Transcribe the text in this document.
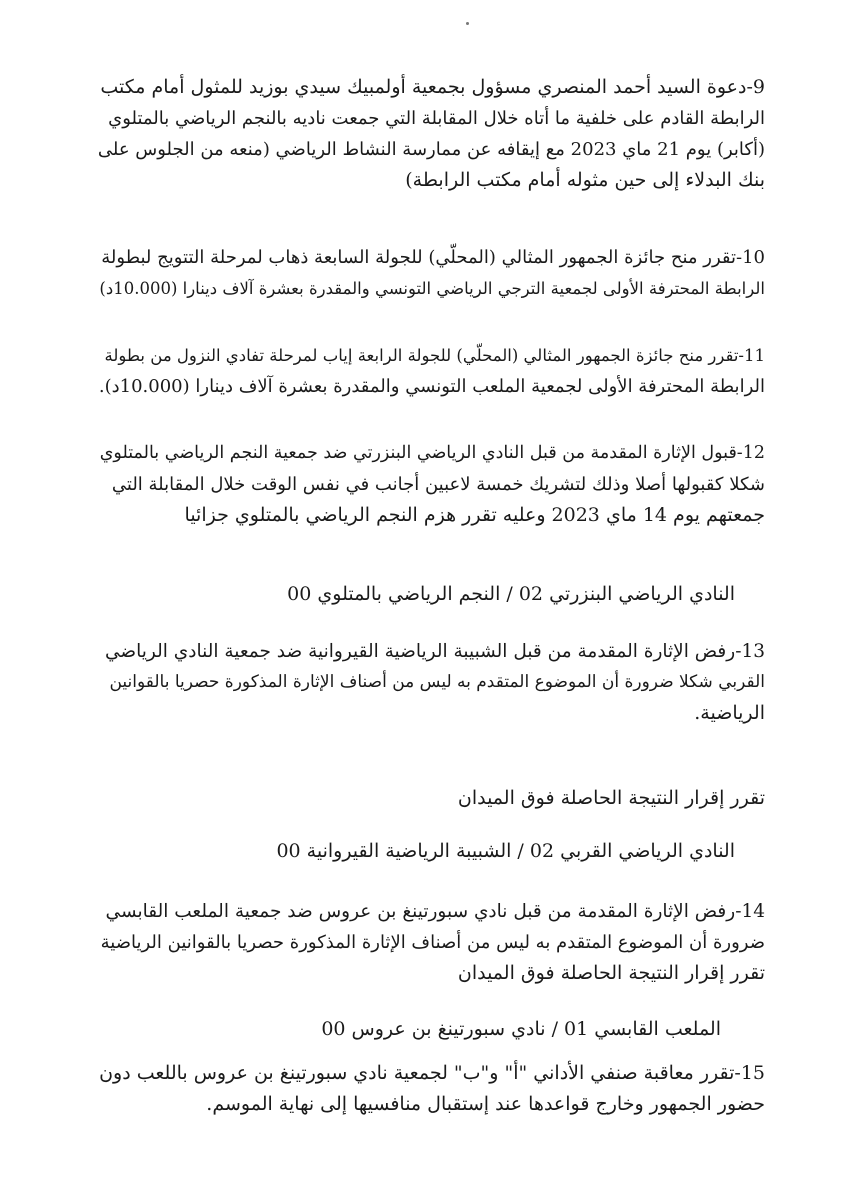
9-دعوة السيد أحمد المنصري مسؤول بجمعية أولمبيك سيدي بوزيد للمثول أمام مكتب
الرابطة القادم على خلفية ما أتاه خلال المقابلة التي جمعت ناديه بالنجم الرياضي بالمتلوي
(أكابر) يوم 21 ماي 2023 مع إيقافه عن ممارسة النشاط الرياضي (منعه من الجلوس على
بنك البدلاء إلى حين مثوله أمام مكتب الرابطة)

10-تقرر منح جائزة الجمهور المثالي (المحلّي) للجولة السابعة ذهاب لمرحلة التتويج لبطولة
الرابطة المحترفة الأولى لجمعية الترجي الرياضي التونسي والمقدرة بعشرة آلاف دينارا (10.000د)

11-تقرر منح جائزة الجمهور المثالي (المحلّي) للجولة الرابعة إياب لمرحلة تفادي النزول من بطولة
الرابطة المحترفة الأولى لجمعية الملعب التونسي والمقدرة بعشرة آلاف دينارا (10.000د).

12-قبول الإثارة المقدمة من قبل النادي الرياضي البنزرتي ضد جمعية النجم الرياضي بالمتلوي
شكلا كقبولها أصلا وذلك لتشريك خمسة لاعبين أجانب في نفس الوقت خلال المقابلة التي
جمعتهم يوم 14 ماي 2023 وعليه تقرر هزم النجم الرياضي بالمتلوي جزائيا

النادي الرياضي البنزرتي 02 / النجم الرياضي بالمتلوي 00

13-رفض الإثارة المقدمة من قبل الشبيبة الرياضية القيروانية ضد جمعية النادي الرياضي
القربي شكلا ضرورة أن الموضوع المتقدم به ليس من أصناف الإثارة المذكورة حصريا بالقوانين
الرياضية.

تقرر إقرار النتيجة الحاصلة فوق الميدان

النادي الرياضي القربي 02 / الشبيبة الرياضية القيروانية 00

14-رفض الإثارة المقدمة من قبل نادي سبورتينغ بن عروس ضد جمعية الملعب القابسي
ضرورة أن الموضوع المتقدم به ليس من أصناف الإثارة المذكورة حصريا بالقوانين الرياضية
تقرر إقرار النتيجة الحاصلة فوق الميدان

الملعب القابسي 01 / نادي سبورتينغ بن عروس 00

15-تقرر معاقبة صنفي الأداني "أ" و"ب" لجمعية نادي سبورتينغ بن عروس باللعب دون
حضور الجمهور وخارج قواعدها عند إستقبال منافسيها إلى نهاية الموسم.
